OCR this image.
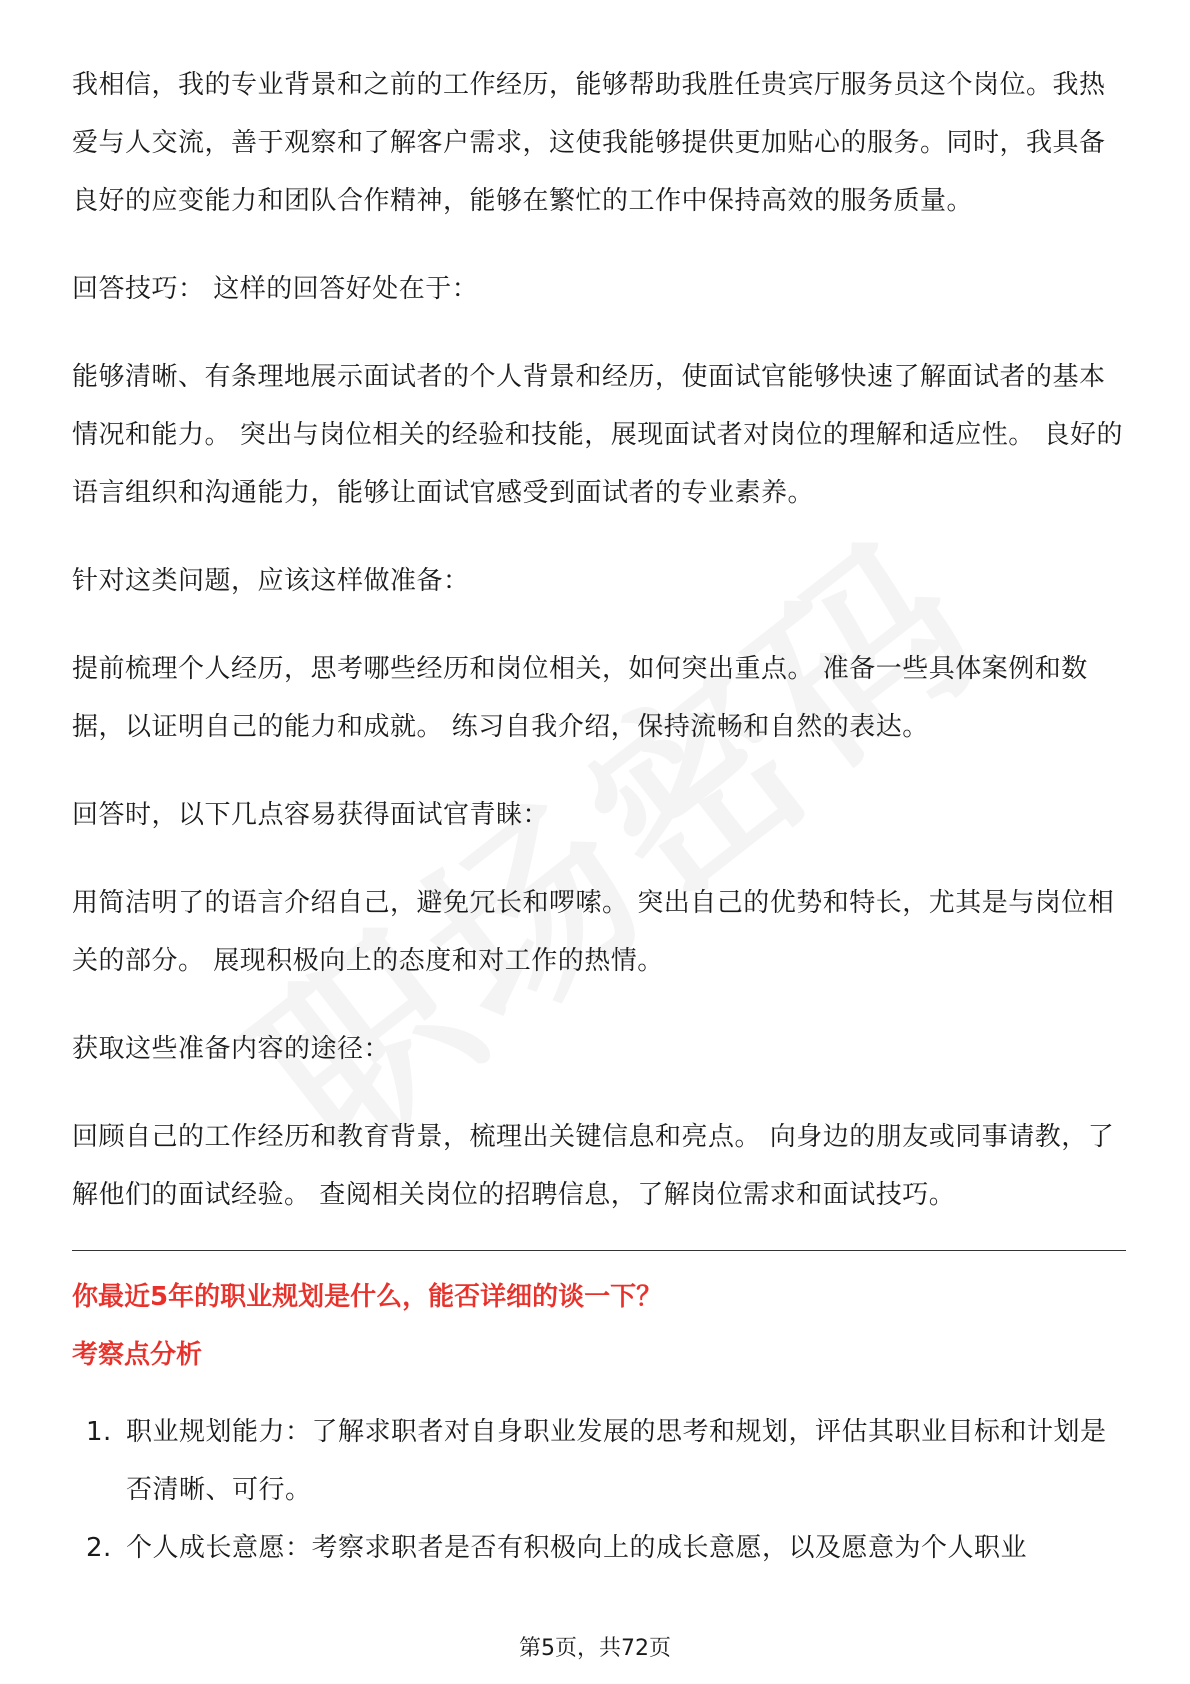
我相信，我的专业背景和之前的工作经历，能够帮助我胜任贵宾厅服务员这个岗位。我热爱与人交流，善于观察和了解客户需求，这使我能够提供更加贴心的服务。同时，我具备良好的应变能力和团队合作精神，能够在繁忙的工作中保持高效的服务质量。

回答技巧： 这样的回答好处在于：

能够清晰、有条理地展示面试者的个人背景和经历，使面试官能够快速了解面试者的基本情况和能力。 突出与岗位相关的经验和技能，展现面试者对岗位的理解和适应性。 良好的语言组织和沟通能力，能够让面试官感受到面试者的专业素养。

针对这类问题，应该这样做准备：

提前梳理个人经历，思考哪些经历和岗位相关，如何突出重点。 准备一些具体案例和数据，以证明自己的能力和成就。 练习自我介绍，保持流畅和自然的表达。

回答时，以下几点容易获得面试官青睐：

用简洁明了的语言介绍自己，避免冗长和啰嗦。 突出自己的优势和特长，尤其是与岗位相关的部分。 展现积极向上的态度和对工作的热情。

获取这些准备内容的途径：

回顾自己的工作经历和教育背景，梳理出关键信息和亮点。 向身边的朋友或同事请教，了解他们的面试经验。 查阅相关岗位的招聘信息，了解岗位需求和面试技巧。

你最近5年的职业规划是什么，能否详细的谈一下？
考察点分析
1. 职业规划能力：了解求职者对自身职业发展的思考和规划，评估其职业目标和计划是否清晰、可行。
2. 个人成长意愿：考察求职者是否有积极向上的成长意愿，以及愿意为个人职业
第5页，共72页
